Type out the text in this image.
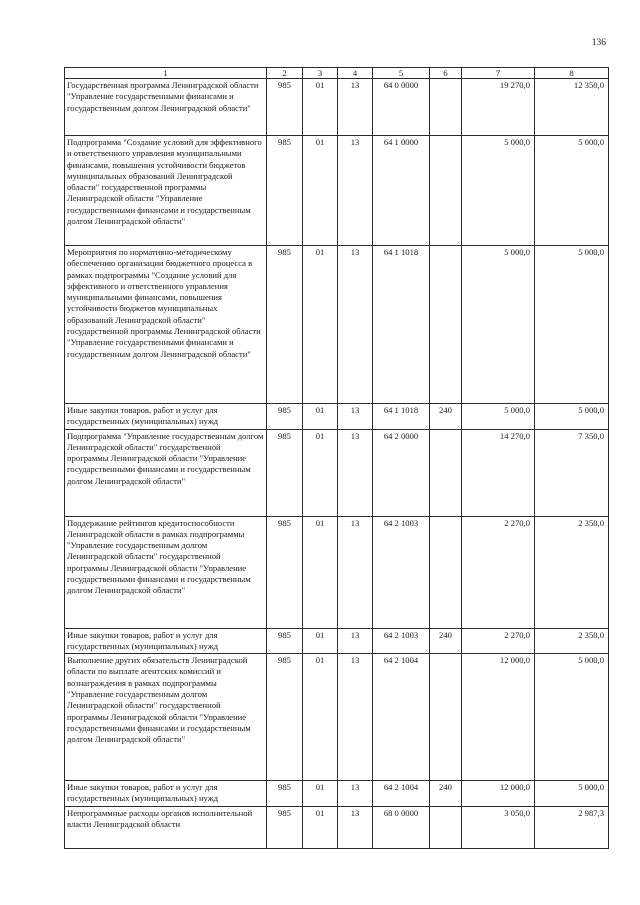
136
1	2	3	4	5	6	7	8
Государственная программа Ленинградской области "Управление государственными финансами и государственным долгом Ленинградской области"	985	01	13	64 0 0000		19 270,0	12 350,0
Подпрограмма "Создание условий для эффективного и ответственного управления муниципальными финансами, повышения устойчивости бюджетов муниципальных образований Ленинградской области" государственной программы Ленинградской области "Управление государственными финансами и государственным долгом Ленинградской области"	985	01	13	64 1 0000		5 000,0	5 000,0
Мероприятия по нормативно-методическому обеспечению организации бюджетного процесса в рамках подпрограммы "Создание условий для эффективного и ответственного управления муниципальными финансами, повышения устойчивости бюджетов муниципальных образований Ленинградской области" государственной программы Ленинградской области "Управление государственными финансами и государственным долгом Ленинградской области"	985	01	13	64 1 1018		5 000,0	5 000,0
Иные закупки товаров, работ и услуг для государственных (муниципальных) нужд	985	01	13	64 1 1018	240	5 000,0	5 000,0
Подпрограмма "Управление государственным долгом Ленинградской области" государственной программы Ленинградской области "Управление государственными финансами и государственным долгом Ленинградской области"	985	01	13	64 2 0000		14 270,0	7 350,0
Поддержание рейтингов кредитоспособности Ленинградской области в рамках подпрограммы "Управление государственным долгом Ленинградской области" государственной программы Ленинградской области "Управление государственными финансами и государственным долгом Ленинградской области"	985	01	13	64 2 1003		2 270,0	2 350,0
Иные закупки товаров, работ и услуг для государственных (муниципальных) нужд	985	01	13	64 2 1003	240	2 270,0	2 350,0
Выполнение других обязательств Ленинградской области по выплате агентских комиссий и вознаграждения в рамках подпрограммы "Управление государственным долгом Ленинградской области" государственной программы Ленинградской области "Управление государственными финансами и государственным долгом Ленинградской области"	985	01	13	64 2 1004		12 000,0	5 000,0
Иные закупки товаров, работ и услуг для государственных (муниципальных) нужд	985	01	13	64 2 1004	240	12 000,0	5 000,0
Непрограммные расходы органов исполнительной власти Ленинградской области	985	01	13	68 0 0000		3 050,0	2 987,3
